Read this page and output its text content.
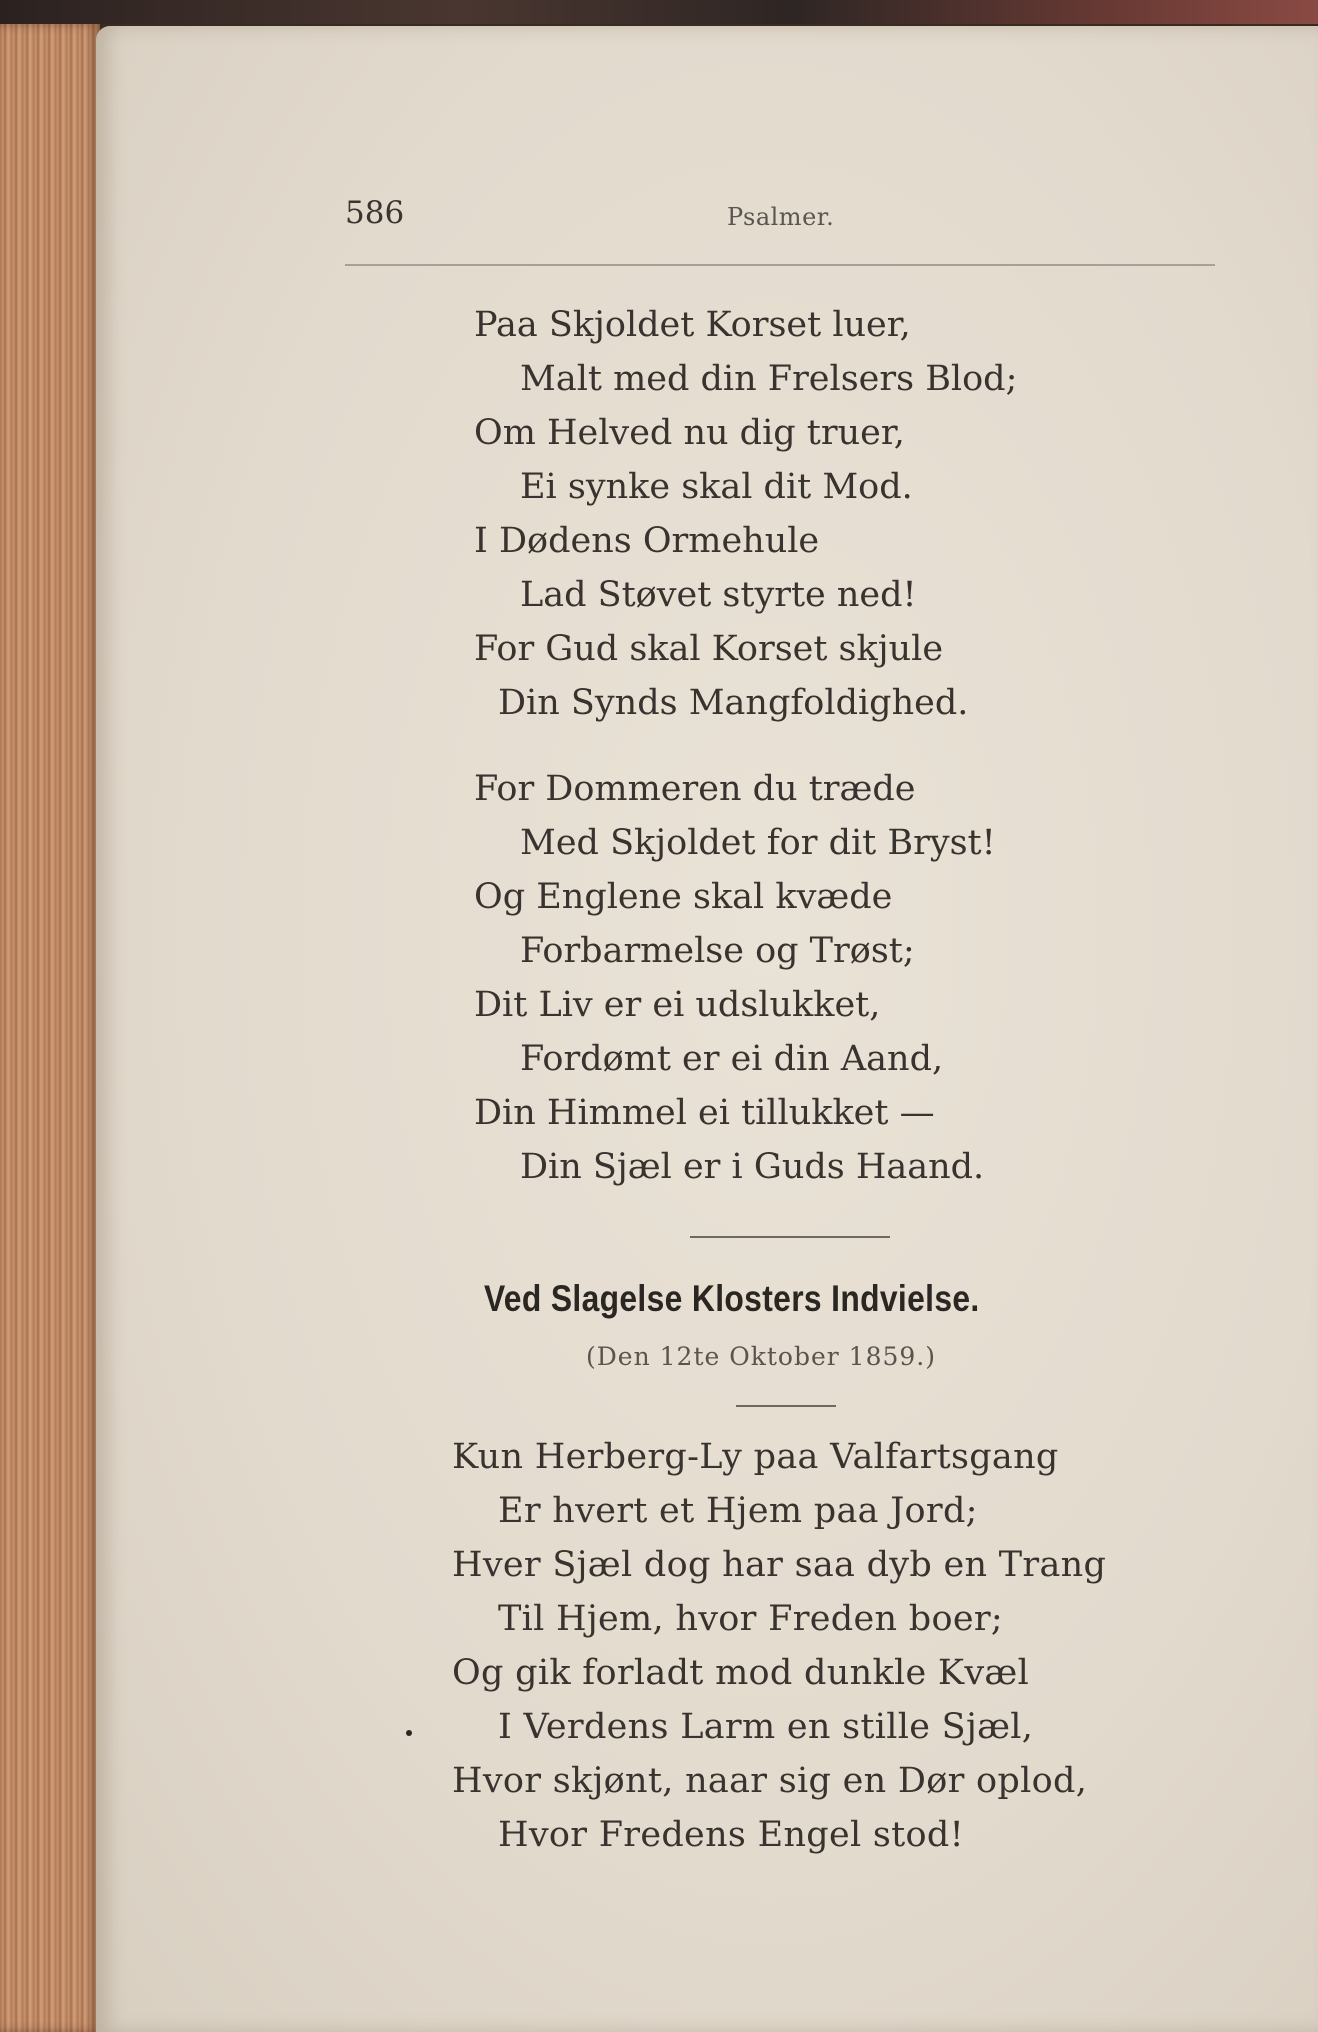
586	Psalmer.
Paa Skjoldet Korset luer,
Malt med din Frelsers Blod;
Om Helved nu dig truer,
Ei synke skal dit Mod.
I Dødens Ormehule
Lad Støvet styrte ned!
For Gud skal Korset skjule
Din Synds Mangfoldighed.
For Dommeren du træde
Med Skjoldet for dit Bryst!
Og Englene skal kvæde
Forbarmelse og Trøst;
Dit Liv er ei udslukket,
Fordømt er ei din Aand,
Din Himmel ei tillukket —
Din Sjæl er i Guds Haand.
Ved Slagelse Klosters Indvielse.
(Den 12te Oktober 1859.)
Kun Herberg-Ly paa Valfartsgang
Er hvert et Hjem paa Jord;
Hver Sjæl dog har saa dyb en Trang
Til Hjem, hvor Freden boer;
Og gik forladt mod dunkle Kvæl
I Verdens Larm en stille Sjæl,
Hvor skjønt, naar sig en Dør oplod,
Hvor Fredens Engel stod!
